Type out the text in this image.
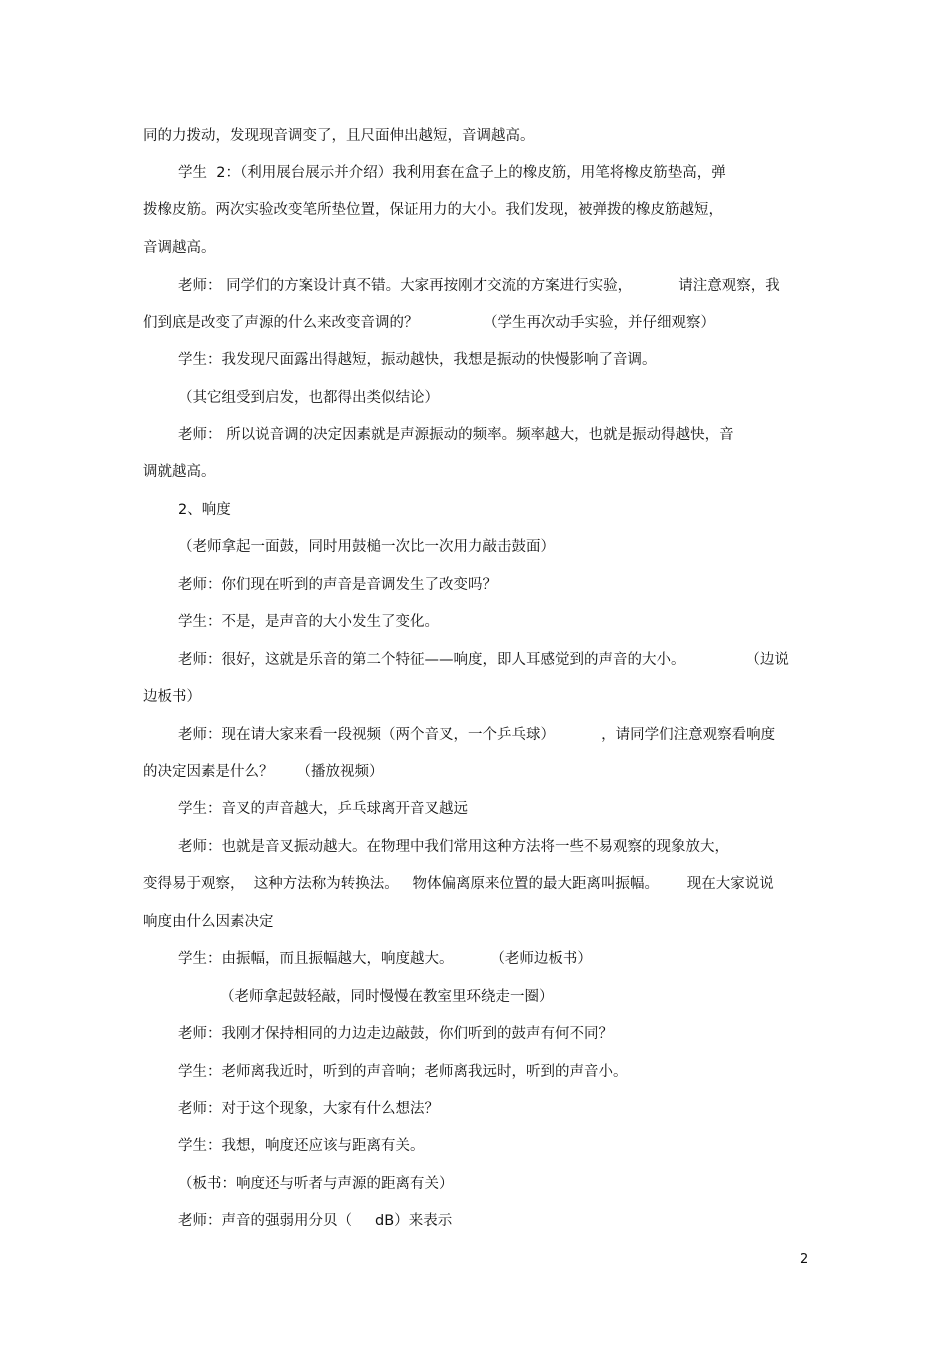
同的力拨动，发现现音调变了，且尺面伸出越短，音调越高。

学生  2：（利用展台展示并介绍）我利用套在盒子上的橡皮筋，用笔将橡皮筋垫高，弹

拨橡皮筋。两次实验改变笔所垫位置，保证用力的大小。我们发现，被弹拨的橡皮筋越短，

音调越高。

老师： 同学们的方案设计真不错。大家再按刚才交流的方案进行实验，          请注意观察，我

们到底是改变了声源的什么来改变音调的？              （学生再次动手实验，并仔细观察）

学生：我发现尺面露出得越短，振动越快，我想是振动的快慢影响了音调。

（其它组受到启发，也都得出类似结论）

老师： 所以说音调的决定因素就是声源振动的频率。频率越大，也就是振动得越快，音

调就越高。

2、响度

（老师拿起一面鼓，同时用鼓槌一次比一次用力敲击鼓面）

老师：你们现在听到的声音是音调发生了改变吗？

学生：不是，是声音的大小发生了变化。

老师：很好，这就是乐音的第二个特征——响度，即人耳感觉到的声音的大小。             （边说

边板书）

老师：现在请大家来看一段视频（两个音叉，一个乒乓球）          ，请同学们注意观察看响度

的决定因素是什么？     （播放视频）

学生：音叉的声音越大，乒乓球离开音叉越远

老师：也就是音叉振动越大。在物理中我们常用这种方法将一些不易观察的现象放大，

变得易于观察，  这种方法称为转换法。   物体偏离原来位置的最大距离叫振幅。      现在大家说说

响度由什么因素决定

学生：由振幅，而且振幅越大，响度越大。        （老师边板书）

（老师拿起鼓轻敲，同时慢慢在教室里环绕走一圈）

老师：我刚才保持相同的力边走边敲鼓，你们听到的鼓声有何不同？

学生：老师离我近时，听到的声音响；老师离我远时，听到的声音小。

老师：对于这个现象，大家有什么想法？

学生：我想，响度还应该与距离有关。

（板书：响度还与听者与声源的距离有关）

老师：声音的强弱用分贝（     dB）来表示

2
